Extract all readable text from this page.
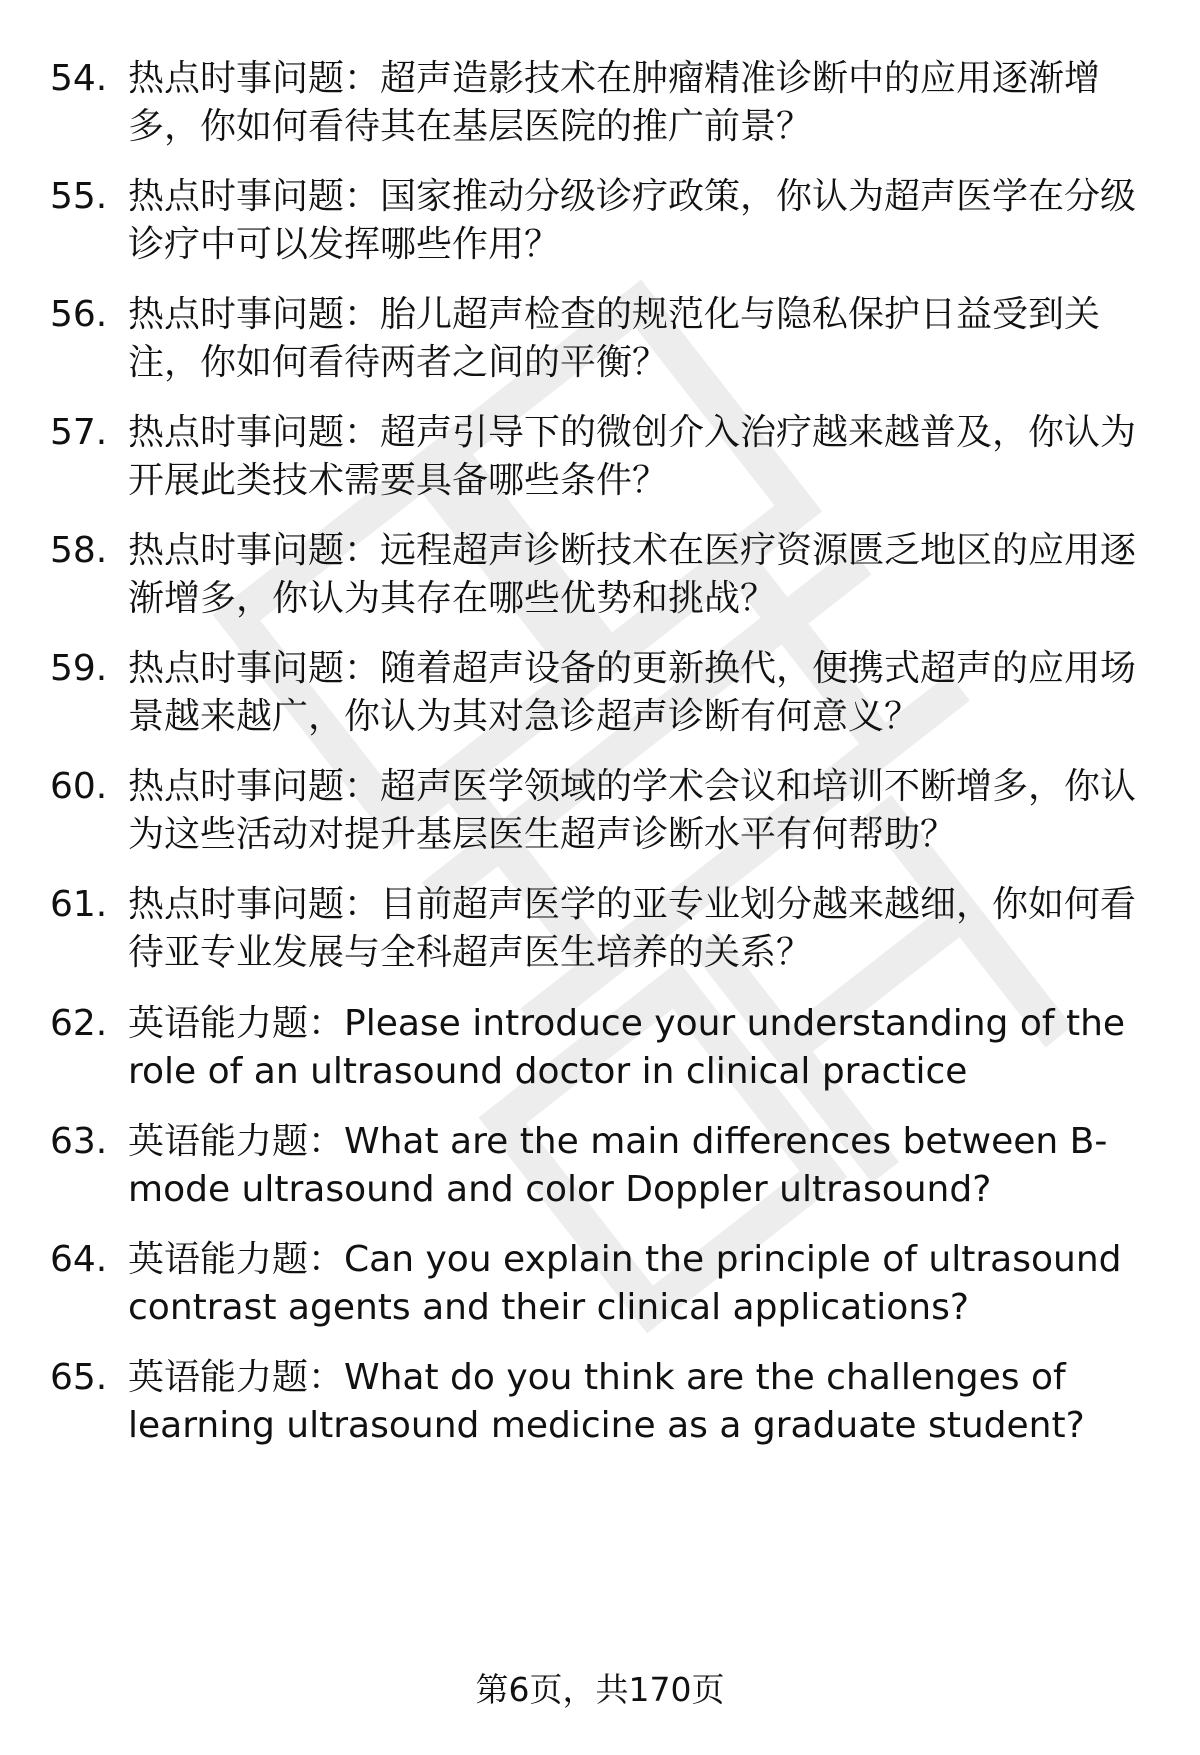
54. 热点时事问题：超声造影技术在肿瘤精准诊断中的应用逐渐增
多，你如何看待其在基层医院的推广前景？
55. 热点时事问题：国家推动分级诊疗政策，你认为超声医学在分级
诊疗中可以发挥哪些作用？
56. 热点时事问题：胎儿超声检查的规范化与隐私保护日益受到关
注，你如何看待两者之间的平衡？
57. 热点时事问题：超声引导下的微创介入治疗越来越普及，你认为
开展此类技术需要具备哪些条件？
58. 热点时事问题：远程超声诊断技术在医疗资源匮乏地区的应用逐
渐增多，你认为其存在哪些优势和挑战？
59. 热点时事问题：随着超声设备的更新换代，便携式超声的应用场
景越来越广，你认为其对急诊超声诊断有何意义？
60. 热点时事问题：超声医学领域的学术会议和培训不断增多，你认
为这些活动对提升基层医生超声诊断水平有何帮助？
61. 热点时事问题：目前超声医学的亚专业划分越来越细，你如何看
待亚专业发展与全科超声医生培养的关系？
62. 英语能力题：Please introduce your understanding of the
role of an ultrasound doctor in clinical practice
63. 英语能力题：What are the main differences between B-
mode ultrasound and color Doppler ultrasound?
64. 英语能力题：Can you explain the principle of ultrasound
contrast agents and their clinical applications?
65. 英语能力题：What do you think are the challenges of
learning ultrasound medicine as a graduate student?
第6页，共170页
